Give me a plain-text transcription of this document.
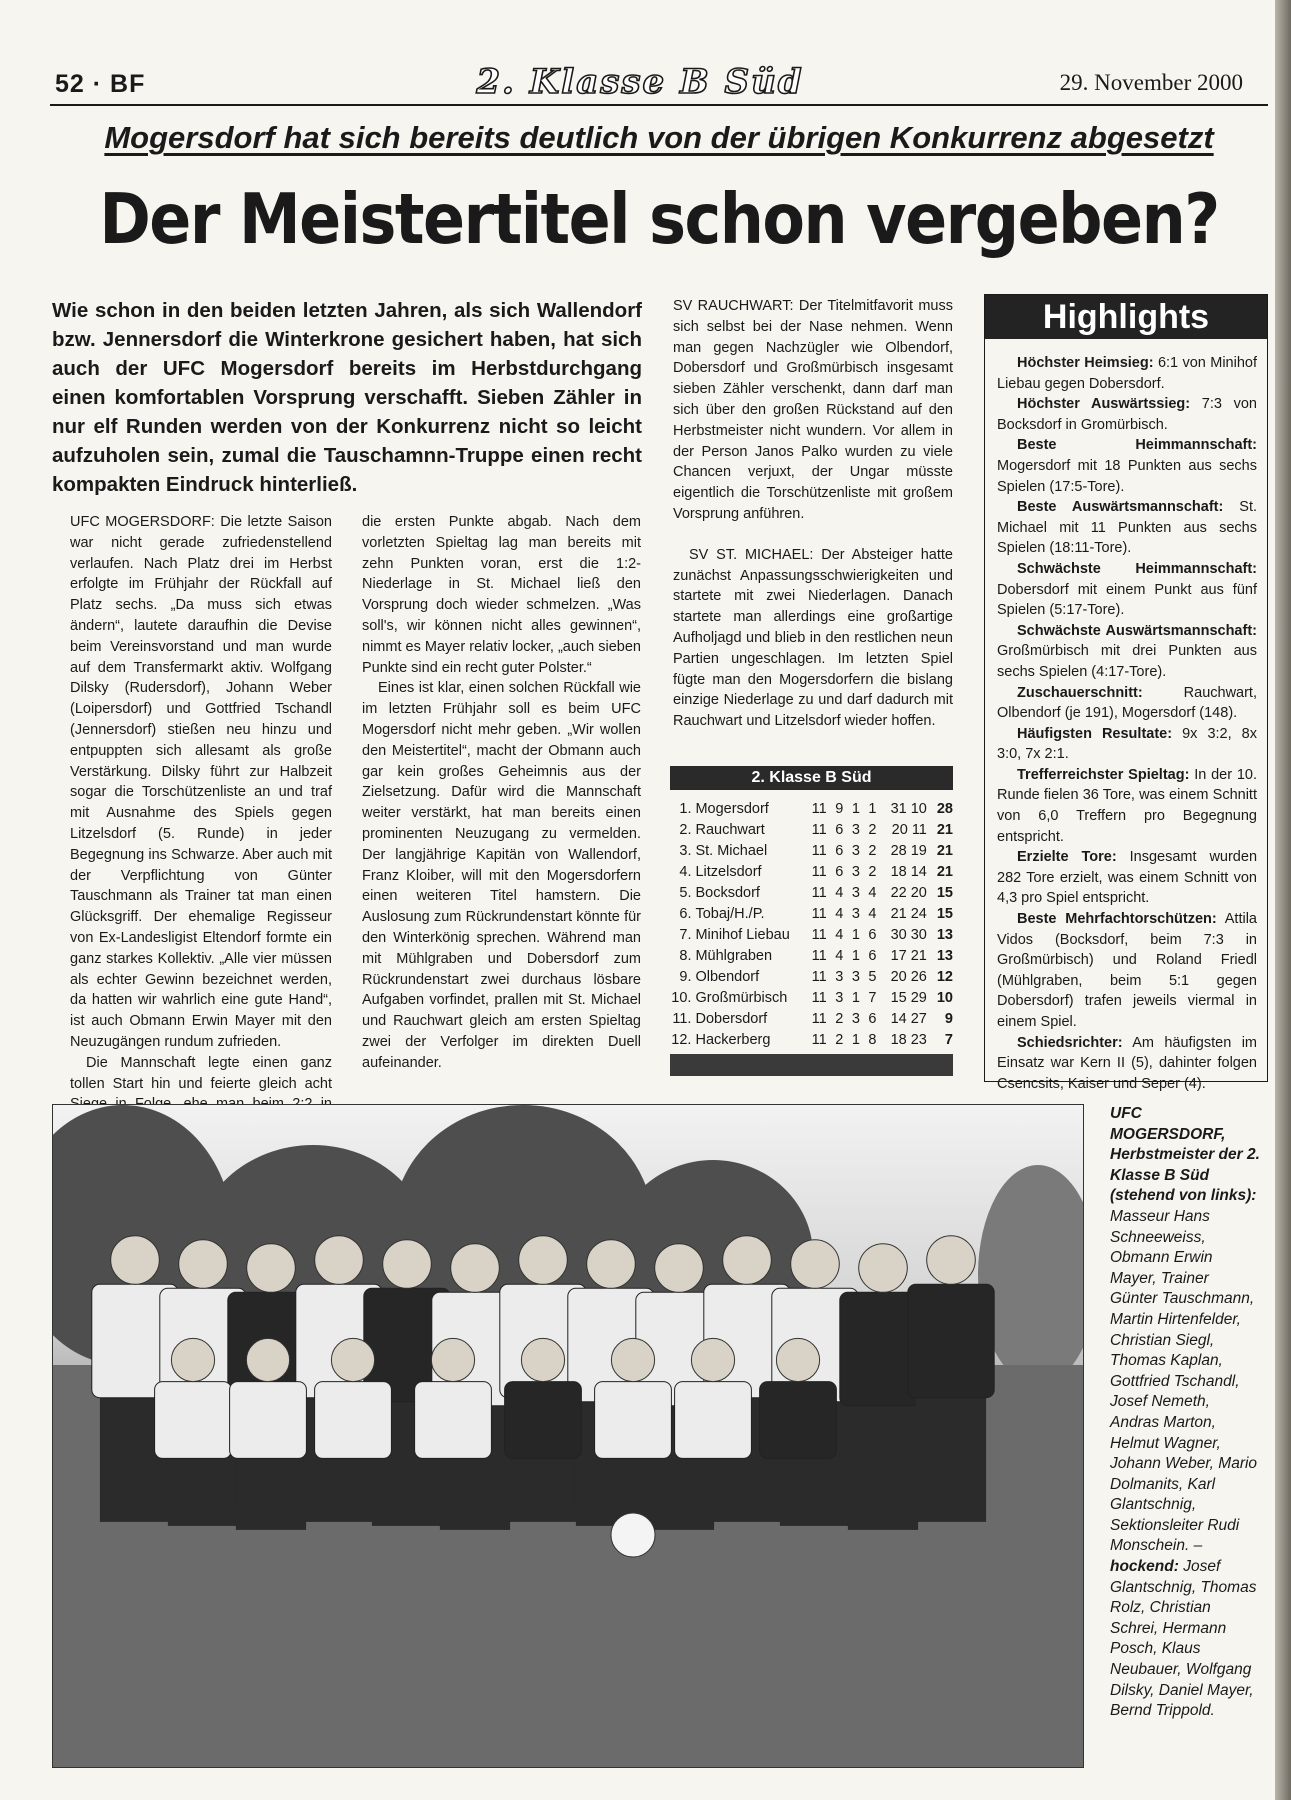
52 · BF	2. Klasse B Süd	29. November 2000
Mogersdorf hat sich bereits deutlich von der übrigen Konkurrenz abgesetzt
Der Meistertitel schon vergeben?
Wie schon in den beiden letzten Jahren, als sich Wallendorf bzw. Jennersdorf die Winterkrone gesichert haben, hat sich auch der UFC Mogersdorf bereits im Herbstdurchgang einen komfortablen Vorsprung verschafft. Sieben Zähler in nur elf Runden werden von der Konkurrenz nicht so leicht aufzuholen sein, zumal die Tauschamnn-Truppe einen recht kompakten Eindruck hinterließ.

UFC MOGERSDORF: Die letzte Saison war nicht gerade zufriedenstellend verlaufen. Nach Platz drei im Herbst erfolgte im Frühjahr der Rückfall auf Platz sechs. „Da muss sich etwas ändern“, lautete daraufhin die Devise beim Vereinsvorstand und man wurde auf dem Transfermarkt aktiv. Wolfgang Dilsky (Rudersdorf), Johann Weber (Loipersdorf) und Gottfried Tschandl (Jennersdorf) stießen neu hinzu und entpuppten sich allesamt als große Verstärkung. Dilsky führt zur Halbzeit sogar die Torschützenliste an und traf mit Ausnahme des Spiels gegen Litzelsdorf (5. Runde) in jeder Begegnung ins Schwarze. Aber auch mit der Verpflichtung von Günter Tauschmann als Trainer tat man einen Glücksgriff. Der ehemalige Regisseur von Ex-Landesligist Eltendorf formte ein ganz starkes Kollektiv. „Alle vier müssen als echter Gewinn bezeichnet werden, da hatten wir wahrlich eine gute Hand“, ist auch Obmann Erwin Mayer mit den Neuzugängen rundum zufrieden.

Die Mannschaft legte einen ganz tollen Start hin und feierte gleich acht

die ersten Punkte abgab. Nach dem vorletzten Spieltag lag man bereits mit zehn Punkten voran, erst die 1:2-Niederlage in St. Michael ließ den Vorsprung doch wieder schmelzen. „Was soll's, wir können nicht alles gewinnen“, nimmt es Mayer relativ locker, „auch sieben Punkte sind ein recht guter Polster.“

Eines ist klar, einen solchen Rückfall wie im letzten Frühjahr soll es beim UFC Mogersdorf nicht mehr geben. „Wir wollen den Meistertitel“, macht der Obmann auch gar kein großes Geheimnis aus der Zielsetzung. Dafür wird die Mannschaft weiter verstärkt, hat man bereits einen prominenten Neuzugang zu vermelden. Der langjährige Kapitän von Wallendorf, Franz Kloiber, will mit den Mogersdorfern einen weiteren Titel hamstern. Die Auslosung zum Rückrundenstart könnte für den Winterkönig sprechen. Während man mit Mühlgraben und Dobersdorf zum Rückrundenstart zwei durchaus lösbare Aufgaben vorfindet, prallen mit St. Michael und Rauchwart gleich am ersten Spieltag zwei der Verfolger im direkten Duell aufeinander.

SV RAUCHWART: Der Titelmitfavorit muss sich selbst bei der Nase nehmen. Wenn man gegen Nachzügler wie Olbendorf, Dobersdorf und Großmürbisch insgesamt sieben Zähler verschenkt, dann darf man sich über den großen Rückstand auf den Herbstmeister nicht wundern. Vor allem in der Person Janos Palko wurden zu viele Chancen verjuxt, der Ungar müsste eigentlich die Torschützenliste mit großem Vorsprung anführen.

SV ST. MICHAEL: Der Absteiger hatte zunächst Anpassungsschwierigkeiten und startete mit zwei Niederlagen. Danach startete man allerdings eine großartige Aufholjagd und blieb in den restlichen neun Partien ungeschlagen. Im letzten Spiel fügte man den Mogersdorfern die bislang einzige Niederlage zu und darf dadurch mit Rauchwart und Litzelsdorf wieder hoffen.

2. Klasse B Süd
1.	Mogersdorf	11	9	1	1	31 10	28
2.	Rauchwart	11	6	3	2	20 11	21
3.	St. Michael	11	6	3	2	28 19	21
4.	Litzelsdorf	11	6	3	2	18 14	21
5.	Bocksdorf	11	4	3	4	22 20	15
6.	Tobaj/H./P.	11	4	3	4	21 24	15
7.	Minihof Liebau	11	4	1	6	30 30	13
8.	Mühlgraben	11	4	1	6	17 21	13
9.	Olbendorf	11	3	3	5	20 26	12
10.	Großmürbisch	11	3	1	7	15 29	10
11.	Dobersdorf	11	2	3	6	14 27	9
12.	Hackerberg	11	2	1	8	18 23	7
Highlights

Höchster Heimsieg: 6:1 von Minihof Liebau gegen Dobersdorf.

Höchster Auswärtssieg: 7:3 von Bocksdorf in Gromürbisch.

Beste Heimmannschaft: Mogersdorf mit 18 Punkten aus sechs Spielen (17:5-Tore).

Beste Auswärtsmannschaft: St. Michael mit 11 Punkten aus sechs Spielen (18:11-Tore).

Schwächste Heimmannschaft: Dobersdorf mit einem Punkt aus fünf Spielen (5:17-Tore).

Schwächste Auswärtsmannschaft: Großmürbisch mit drei Punkten aus sechs Spielen (4:17-Tore).

Zuschauerschnitt:	Rauchwart, Olbendorf (je 191), Mogersdorf (148).

Häufigsten Resultate: 9x 3:2, 8x 3:0, 7x 2:1.

Trefferreichster Spieltag: In der 10. Runde fielen 36 Tore, was einem Schnitt von 6,0 Treffern pro Begegnung entspricht.

Erzielte Tore: Insgesamt wurden 282 Tore erzielt, was einem Schnitt von 4,3 pro Spiel entspricht.

Beste Mehrfachtorschützen: Attila Vidos (Bocksdorf, beim 7:3 in Großmürbisch) und Roland Friedl (Mühlgraben, beim 5:1 gegen Dobersdorf) trafen jeweils viermal in einem Spiel.

Schiedsrichter: Am häufigsten im Einsatz war Kern II (5), dahinter folgen Csencsits, Kaiser und Seper (4).

UFC MOGERSDORF, Herbstmeister der 2. Klasse B Süd (stehend von links): Masseur Hans Schneeweiss, Obmann Erwin Mayer, Trainer Günter Tauschmann, Martin Hirtenfelder, Christian Siegl, Thomas Kaplan, Gottfried Tschandl, Josef Nemeth, Andras Marton, Helmut Wagner, Johann Weber, Mario Dolmanits, Karl Glantschnig, Sektionsleiter Rudi Monschein. – hockend: Josef Glantschnig, Thomas Rolz, Christian Schrei, Hermann Posch, Klaus Neubauer, Wolfgang Dilsky, Daniel Mayer, Bernd Trippold.
